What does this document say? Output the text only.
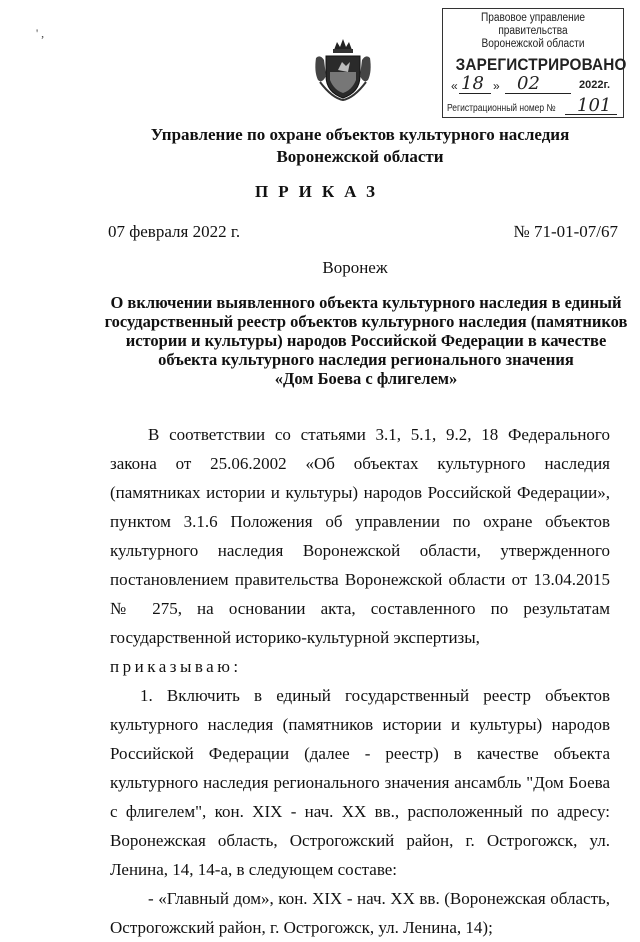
' ,
Правовое управление правительства
Воронежской области
ЗАРЕГИСТРИРОВАНО
« 18 » 02	2022г.
Регистрационный номер № 101
Управление по охране объектов культурного наследия
Воронежской области
ПРИКАЗ
07 февраля 2022 г.	№ 71-01-07/67
Воронеж
О включении выявленного объекта культурного наследия в единый
государственный реестр объектов культурного наследия (памятников
истории и культуры) народов Российской Федерации в качестве
объекта культурного наследия регионального значения
«Дом Боева с флигелем»

В соответствии со статьями 3.1, 5.1, 9.2, 18 Федерального закона от 25.06.2002 «Об объектах культурного наследия (памятниках истории и культуры) народов Российской Федерации», пунктом 3.1.6 Положения об управлении по охране объектов культурного наследия Воронежской области, утвержденного постановлением правительства Воронежской области от 13.04.2015 № 275, на основании акта, составленного по результатам государственной историко-культурной экспертизы,

приказываю:

1. Включить в единый государственный реестр объектов культурного наследия (памятников истории и культуры) народов Российской Федерации (далее - реестр) в качестве объекта культурного наследия регионального значения ансамбль "Дом Боева с флигелем", кон. XIX - нач. XX вв., расположенный по адресу: Воронежская область, Острогожский район, г. Острогожск, ул. Ленина, 14, 14-а, в следующем составе:

- «Главный дом», кон. XIX - нач. XX вв. (Воронежская область, Острогожский район, г. Острогожск, ул. Ленина, 14);
